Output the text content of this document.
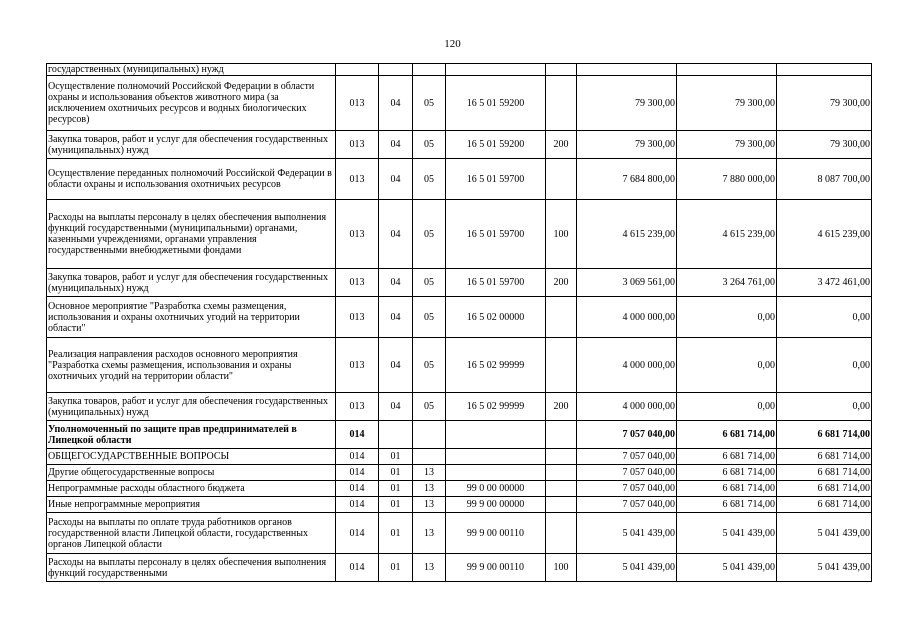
120
государственных (муниципальных) нужд								
Осуществление полномочий Российской Федерации в области охраны и использования объектов животного мира (за исключением охотничьих ресурсов и водных биологических ресурсов)	013	04	05	16 5 01 59200		79 300,00	79 300,00	79 300,00
Закупка товаров, работ и услуг для обеспечения государственных (муниципальных) нужд	013	04	05	16 5 01 59200	200	79 300,00	79 300,00	79 300,00
Осуществление переданных полномочий Российской Федерации в области охраны и использования охотничьих ресурсов	013	04	05	16 5 01 59700		7 684 800,00	7 880 000,00	8 087 700,00
Расходы на выплаты персоналу в целях обеспечения выполнения функций государственными (муниципальными) органами, казенными учреждениями, органами управления государственными внебюджетными фондами	013	04	05	16 5 01 59700	100	4 615 239,00	4 615 239,00	4 615 239,00
Закупка товаров, работ и услуг для обеспечения государственных (муниципальных) нужд	013	04	05	16 5 01 59700	200	3 069 561,00	3 264 761,00	3 472 461,00
Основное мероприятие "Разработка схемы размещения, использования и охраны охотничьих угодий на территории области"	013	04	05	16 5 02 00000		4 000 000,00	0,00	0,00
Реализация направления расходов основного мероприятия "Разработка схемы размещения, использования и охраны охотничьих угодий на территории области"	013	04	05	16 5 02 99999		4 000 000,00	0,00	0,00
Закупка товаров, работ и услуг для обеспечения государственных (муниципальных) нужд	013	04	05	16 5 02 99999	200	4 000 000,00	0,00	0,00
Уполномоченный по защите прав предпринимателей в Липецкой области	014					7 057 040,00	6 681 714,00	6 681 714,00
ОБЩЕГОСУДАРСТВЕННЫЕ ВОПРОСЫ	014	01				7 057 040,00	6 681 714,00	6 681 714,00
Другие общегосударственные вопросы	014	01	13			7 057 040,00	6 681 714,00	6 681 714,00
Непрограммные расходы областного бюджета	014	01	13	99 0 00 00000		7 057 040,00	6 681 714,00	6 681 714,00
Иные непрограммные мероприятия	014	01	13	99 9 00 00000		7 057 040,00	6 681 714,00	6 681 714,00
Расходы на выплаты по оплате труда работников органов государственной власти Липецкой области, государственных органов Липецкой области	014	01	13	99 9 00 00110		5 041 439,00	5 041 439,00	5 041 439,00
Расходы на выплаты персоналу в целях обеспечения выполнения функций государственными	014	01	13	99 9 00 00110	100	5 041 439,00	5 041 439,00	5 041 439,00
